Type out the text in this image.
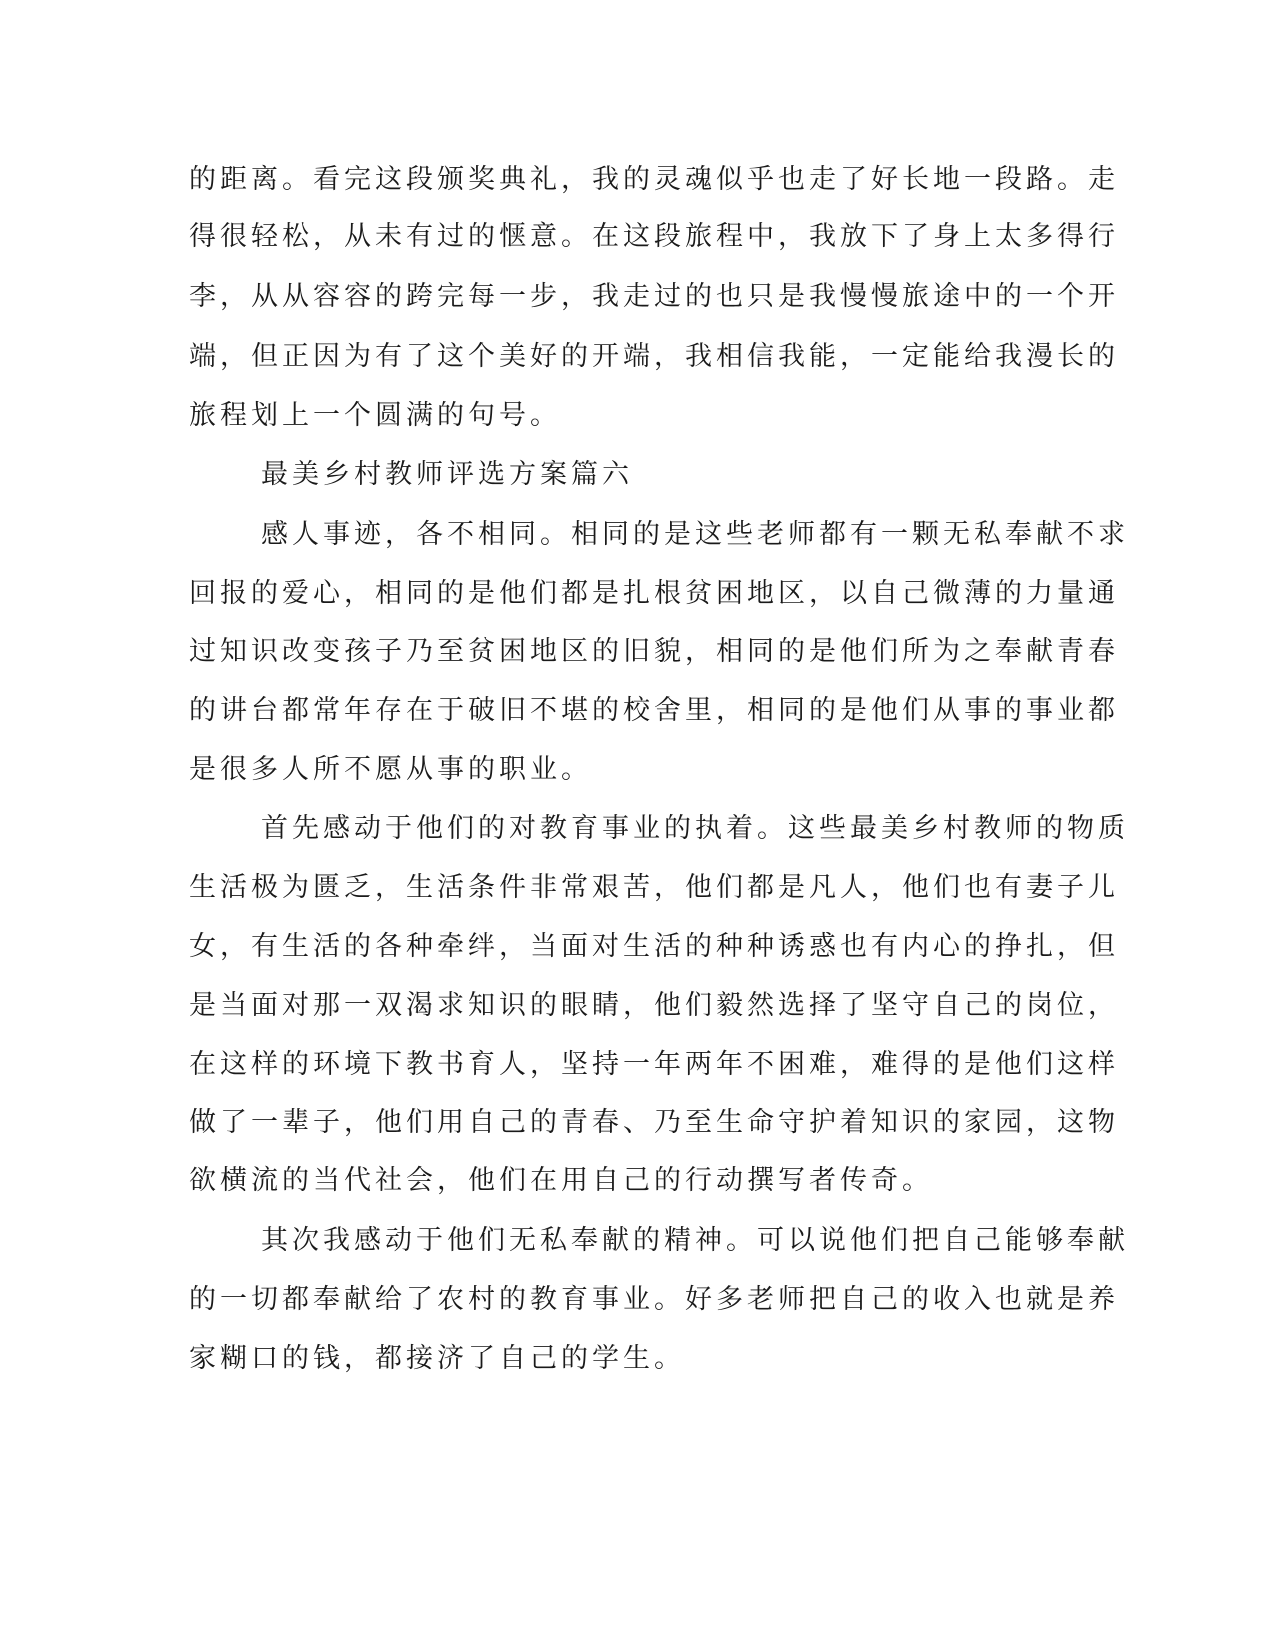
的距离。看完这段颁奖典礼，我的灵魂似乎也走了好长地一段路。走
得很轻松，从未有过的惬意。在这段旅程中，我放下了身上太多得行
李，从从容容的跨完每一步，我走过的也只是我慢慢旅途中的一个开
端，但正因为有了这个美好的开端，我相信我能，一定能给我漫长的
旅程划上一个圆满的句号。
最美乡村教师评选方案篇六
感人事迹，各不相同。相同的是这些老师都有一颗无私奉献不求
回报的爱心，相同的是他们都是扎根贫困地区，以自己微薄的力量通
过知识改变孩子乃至贫困地区的旧貌，相同的是他们所为之奉献青春
的讲台都常年存在于破旧不堪的校舍里，相同的是他们从事的事业都
是很多人所不愿从事的职业。
首先感动于他们的对教育事业的执着。这些最美乡村教师的物质
生活极为匮乏，生活条件非常艰苦，他们都是凡人，他们也有妻子儿
女，有生活的各种牵绊，当面对生活的种种诱惑也有内心的挣扎，但
是当面对那一双渴求知识的眼睛，他们毅然选择了坚守自己的岗位，
在这样的环境下教书育人，坚持一年两年不困难，难得的是他们这样
做了一辈子，他们用自己的青春、乃至生命守护着知识的家园，这物
欲横流的当代社会，他们在用自己的行动撰写者传奇。
其次我感动于他们无私奉献的精神。可以说他们把自己能够奉献
的一切都奉献给了农村的教育事业。好多老师把自己的收入也就是养
家糊口的钱，都接济了自己的学生。
